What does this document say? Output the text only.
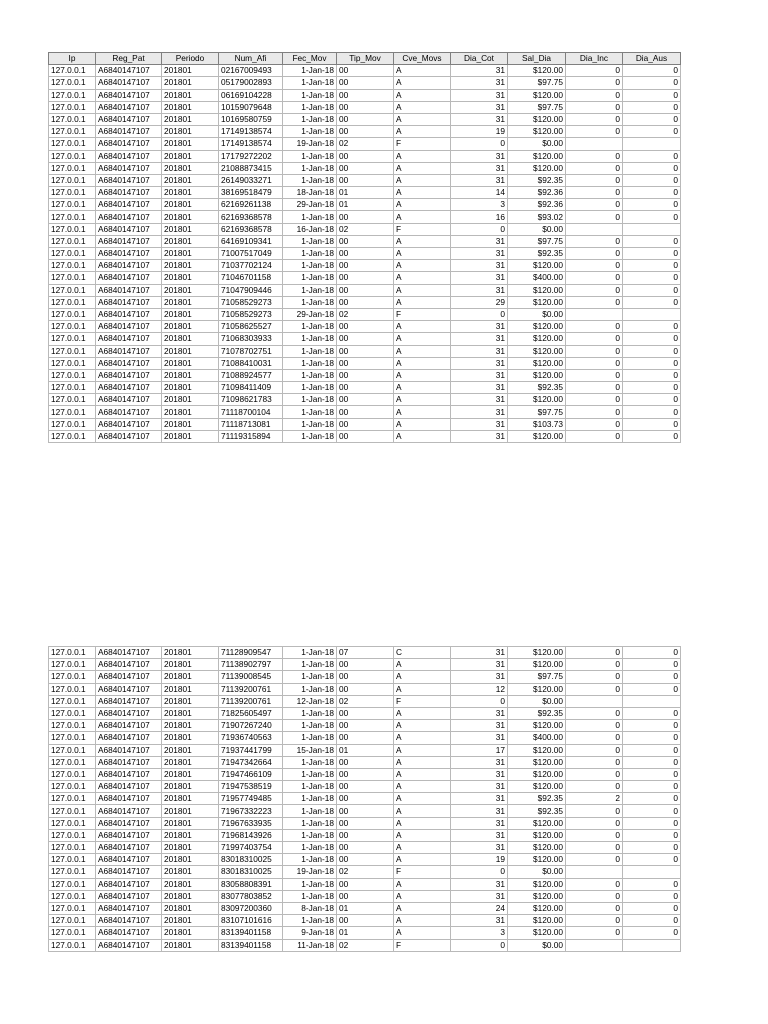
Ip	Reg_Pat	Periodo	Num_Afi	Fec_Mov	Tip_Mov	Cve_Movs	Dia_Cot	Sal_Dia	Dia_Inc	Dia_Aus
127.0.0.1	A6840147107	201801	02167009493	1-Jan-18	00	A	31	$120.00	0	0
127.0.0.1	A6840147107	201801	05179002893	1-Jan-18	00	A	31	$97.75	0	0
127.0.0.1	A6840147107	201801	06169104228	1-Jan-18	00	A	31	$120.00	0	0
127.0.0.1	A6840147107	201801	10159079648	1-Jan-18	00	A	31	$97.75	0	0
127.0.0.1	A6840147107	201801	10169580759	1-Jan-18	00	A	31	$120.00	0	0
127.0.0.1	A6840147107	201801	17149138574	1-Jan-18	00	A	19	$120.00	0	0
127.0.0.1	A6840147107	201801	17149138574	19-Jan-18	02	F	0	$0.00		
127.0.0.1	A6840147107	201801	17179272202	1-Jan-18	00	A	31	$120.00	0	0
127.0.0.1	A6840147107	201801	21088873415	1-Jan-18	00	A	31	$120.00	0	0
127.0.0.1	A6840147107	201801	26149033271	1-Jan-18	00	A	31	$92.35	0	0
127.0.0.1	A6840147107	201801	38169518479	18-Jan-18	01	A	14	$92.36	0	0
127.0.0.1	A6840147107	201801	62169261138	29-Jan-18	01	A	3	$92.36	0	0
127.0.0.1	A6840147107	201801	62169368578	1-Jan-18	00	A	16	$93.02	0	0
127.0.0.1	A6840147107	201801	62169368578	16-Jan-18	02	F	0	$0.00		
127.0.0.1	A6840147107	201801	64169109341	1-Jan-18	00	A	31	$97.75	0	0
127.0.0.1	A6840147107	201801	71007517049	1-Jan-18	00	A	31	$92.35	0	0
127.0.0.1	A6840147107	201801	71037702124	1-Jan-18	00	A	31	$120.00	0	0
127.0.0.1	A6840147107	201801	71046701158	1-Jan-18	00	A	31	$400.00	0	0
127.0.0.1	A6840147107	201801	71047909446	1-Jan-18	00	A	31	$120.00	0	0
127.0.0.1	A6840147107	201801	71058529273	1-Jan-18	00	A	29	$120.00	0	0
127.0.0.1	A6840147107	201801	71058529273	29-Jan-18	02	F	0	$0.00		
127.0.0.1	A6840147107	201801	71058625527	1-Jan-18	00	A	31	$120.00	0	0
127.0.0.1	A6840147107	201801	71068303933	1-Jan-18	00	A	31	$120.00	0	0
127.0.0.1	A6840147107	201801	71078702751	1-Jan-18	00	A	31	$120.00	0	0
127.0.0.1	A6840147107	201801	71088410031	1-Jan-18	00	A	31	$120.00	0	0
127.0.0.1	A6840147107	201801	71088924577	1-Jan-18	00	A	31	$120.00	0	0
127.0.0.1	A6840147107	201801	71098411409	1-Jan-18	00	A	31	$92.35	0	0
127.0.0.1	A6840147107	201801	71098621783	1-Jan-18	00	A	31	$120.00	0	0
127.0.0.1	A6840147107	201801	71118700104	1-Jan-18	00	A	31	$97.75	0	0
127.0.0.1	A6840147107	201801	71118713081	1-Jan-18	00	A	31	$103.73	0	0
127.0.0.1	A6840147107	201801	71119315894	1-Jan-18	00	A	31	$120.00	0	0
127.0.0.1	A6840147107	201801	71128909547	1-Jan-18	07	C	31	$120.00	0	0
127.0.0.1	A6840147107	201801	71138902797	1-Jan-18	00	A	31	$120.00	0	0
127.0.0.1	A6840147107	201801	71139008545	1-Jan-18	00	A	31	$97.75	0	0
127.0.0.1	A6840147107	201801	71139200761	1-Jan-18	00	A	12	$120.00	0	0
127.0.0.1	A6840147107	201801	71139200761	12-Jan-18	02	F	0	$0.00		
127.0.0.1	A6840147107	201801	71825605497	1-Jan-18	00	A	31	$92.35	0	0
127.0.0.1	A6840147107	201801	71907267240	1-Jan-18	00	A	31	$120.00	0	0
127.0.0.1	A6840147107	201801	71936740563	1-Jan-18	00	A	31	$400.00	0	0
127.0.0.1	A6840147107	201801	71937441799	15-Jan-18	01	A	17	$120.00	0	0
127.0.0.1	A6840147107	201801	71947342664	1-Jan-18	00	A	31	$120.00	0	0
127.0.0.1	A6840147107	201801	71947466109	1-Jan-18	00	A	31	$120.00	0	0
127.0.0.1	A6840147107	201801	71947538519	1-Jan-18	00	A	31	$120.00	0	0
127.0.0.1	A6840147107	201801	71957749485	1-Jan-18	00	A	31	$92.35	2	0
127.0.0.1	A6840147107	201801	71967332223	1-Jan-18	00	A	31	$92.35	0	0
127.0.0.1	A6840147107	201801	71967633935	1-Jan-18	00	A	31	$120.00	0	0
127.0.0.1	A6840147107	201801	71968143926	1-Jan-18	00	A	31	$120.00	0	0
127.0.0.1	A6840147107	201801	71997403754	1-Jan-18	00	A	31	$120.00	0	0
127.0.0.1	A6840147107	201801	83018310025	1-Jan-18	00	A	19	$120.00	0	0
127.0.0.1	A6840147107	201801	83018310025	19-Jan-18	02	F	0	$0.00		
127.0.0.1	A6840147107	201801	83058808391	1-Jan-18	00	A	31	$120.00	0	0
127.0.0.1	A6840147107	201801	83077803852	1-Jan-18	00	A	31	$120.00	0	0
127.0.0.1	A6840147107	201801	83097200360	8-Jan-18	01	A	24	$120.00	0	0
127.0.0.1	A6840147107	201801	83107101616	1-Jan-18	00	A	31	$120.00	0	0
127.0.0.1	A6840147107	201801	83139401158	9-Jan-18	01	A	3	$120.00	0	0
127.0.0.1	A6840147107	201801	83139401158	11-Jan-18	02	F	0	$0.00		
